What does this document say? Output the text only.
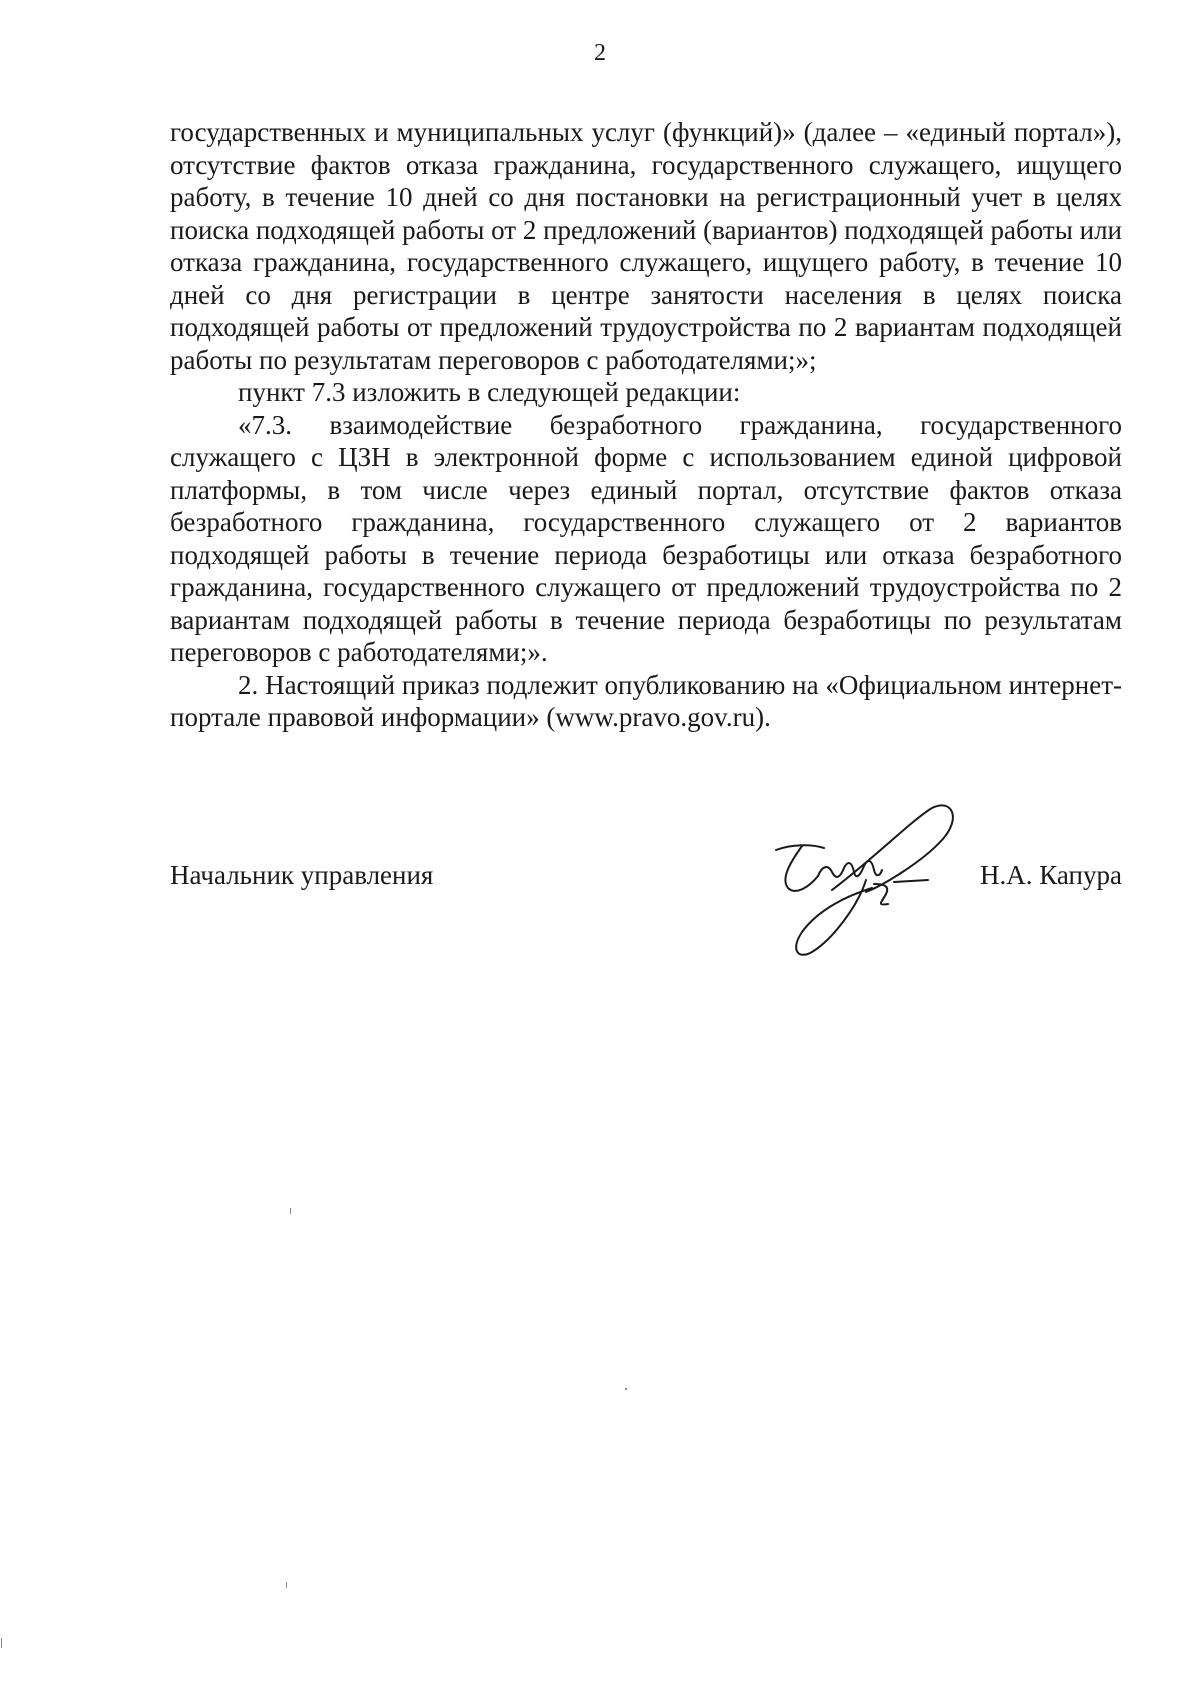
2

государственных и муниципальных услуг (функций)» (далее – «единый портал»), отсутствие фактов отказа гражданина, государственного служащего, ищущего работу, в течение 10 дней со дня постановки на регистрационный учет в целях поиска подходящей работы от 2 предложений (вариантов) подходящей работы или отказа гражданина, государственного служащего, ищущего работу, в течение 10 дней со дня регистрации в центре занятости населения в целях поиска подходящей работы от предложений трудоустройства по 2 вариантам подходящей работы по результатам переговоров с работодателями;»;

пункт 7.3 изложить в следующей редакции:

«7.3. взаимодействие безработного гражданина, государственного служащего с ЦЗН в электронной форме с использованием единой цифровой платформы, в том числе через единый портал, отсутствие фактов отказа безработного гражданина, государственного служащего от 2 вариантов подходящей работы в течение периода безработицы или отказа безработного гражданина, государственного служащего от предложений трудоустройства по 2 вариантам подходящей работы в течение периода безработицы по результатам переговоров с работодателями;».

2. Настоящий приказ подлежит опубликованию на «Официальном интернет-портале правовой информации» (www.pravo.gov.ru).

Начальник управления	Н.А. Капура
